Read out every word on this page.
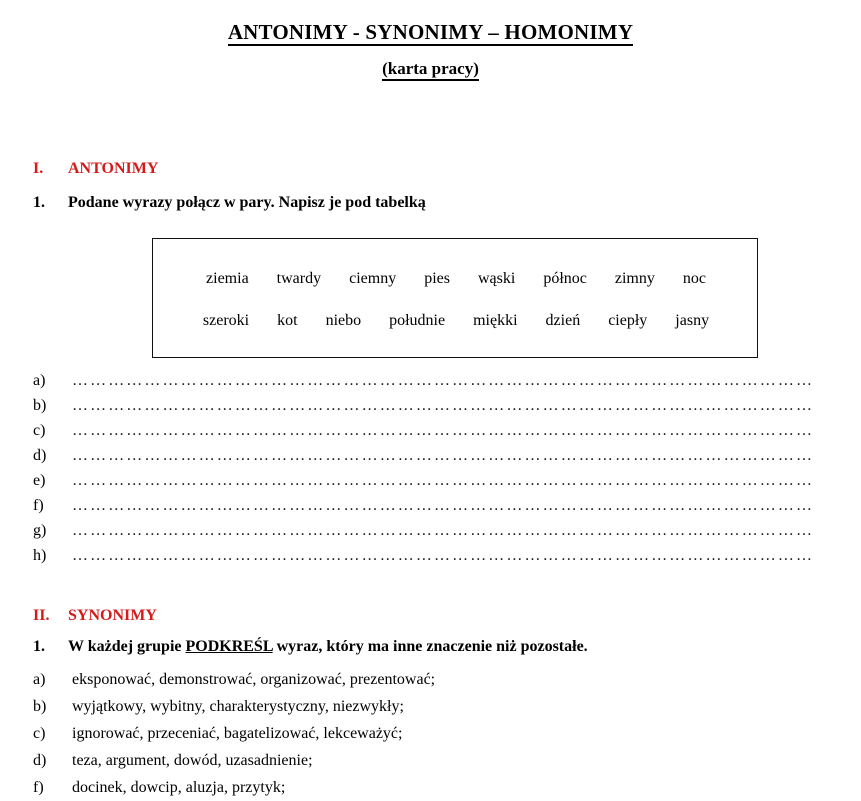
ANTONIMY - SYNONIMY – HOMONIMY
(karta pracy)
I. ANTONIMY
1. Podane wyrazy połącz w pary. Napisz je pod tabelką
ziemia twardy ciemny pies wąski północ zimny noc
szeroki kot niebo południe miękki dzień ciepły jasny
a) ……………………………………………………………………………………………………………
b) ……………………………………………………………………………………………………………
c) ……………………………………………………………………………………………………………
d) ……………………………………………………………………………………………………………
e) ……………………………………………………………………………………………………………
f) ……………………………………………………………………………………………………………
g) ……………………………………………………………………………………………………………
h) ……………………………………………………………………………………………………………
II. SYNONIMY
1. W każdej grupie PODKREŚL wyraz, który ma inne znaczenie niż pozostałe.
a) eksponować, demonstrować, organizować, prezentować;
b) wyjątkowy, wybitny, charakterystyczny, niezwykły;
c) ignorować, przeceniać, bagatelizować, lekceważyć;
d) teza, argument, dowód, uzasadnienie;
f) docinek, dowcip, aluzja, przytyk;
